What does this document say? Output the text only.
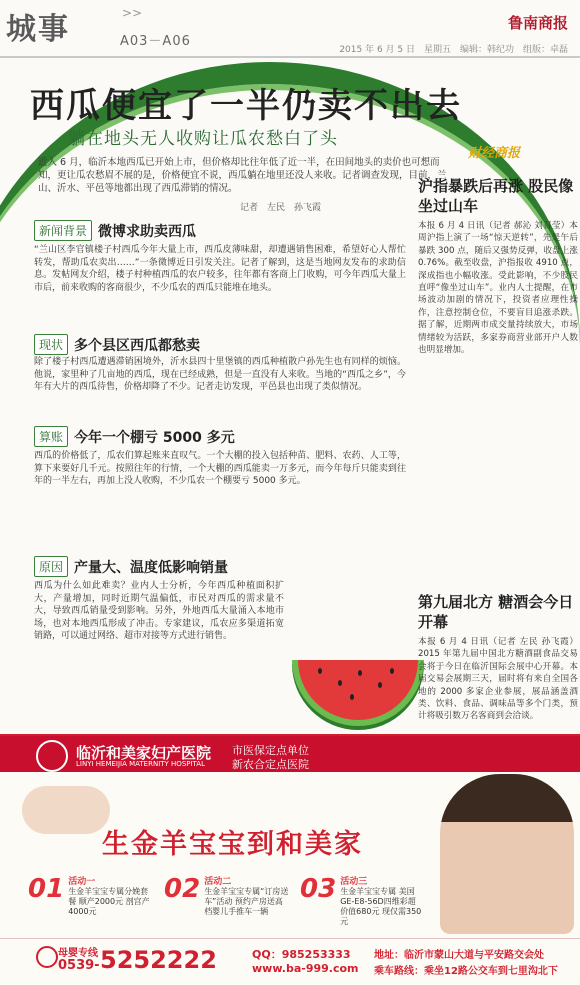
城事	>>
A03－A06
鲁南商报
2015 年 6 月 5 日　星期五　编辑：韩纪功　组版：卓磊
西瓜便宜了一半仍卖不出去
躺在地头无人收购让瓜农愁白了头
财经商报
近入 6 月，临沂本地西瓜已开始上市，但价格却比往年低了近一半，在田间地头的卖价也可想而知，更让瓜农愁眉不展的是，价格便宜不说，西瓜躺在地里还没人来收。记者调查发现，目前，兰山、沂水、平邑等地都出现了西瓜滞销的情况。
记者　左民　孙飞霞
新闻背景 微博求助卖西瓜
“兰山区李官镇楼子村西瓜今年大量上市，西瓜皮薄味甜，却遭遇销售困难，希望好心人帮忙转发，帮助瓜农卖出……”一条微博近日引发关注。记者了解到，这是当地网友发布的求助信息。发帖网友介绍，楼子村种植西瓜的农户较多，往年都有客商上门收购，可今年西瓜大量上市后，前来收购的客商很少，不少瓜农的西瓜只能堆在地头。
现状 多个县区西瓜都愁卖
除了楼子村西瓜遭遇滞销困境外，沂水县四十里堡镇的西瓜种植散户孙先生也有同样的烦恼。他说，家里种了几亩地的西瓜，现在已经成熟，但是一直没有人来收。当地的“西瓜之乡”，今年有大片的西瓜待售，价格却降了不少。记者走访发现，平邑县也出现了类似情况。
算账 今年一个棚亏 5000 多元
西瓜的价格低了，瓜农们算起账来直叹气。一个大棚的投入包括种苗、肥料、农药、人工等，算下来要好几千元。按照往年的行情，一个大棚的西瓜能卖一万多元，而今年每斤只能卖到往年的一半左右，再加上没人收购，不少瓜农一个棚要亏 5000 多元。
原因 产量大、温度低影响销量
西瓜为什么如此难卖？业内人士分析，今年西瓜种植面积扩大，产量增加，同时近期气温偏低，市民对西瓜的需求量不大，导致西瓜销量受到影响。另外，外地西瓜大量涌入本地市场，也对本地西瓜形成了冲击。专家建议，瓜农应多渠道拓宽销路，可以通过网络、超市对接等方式进行销售。
沪指暴跌后再涨 股民像坐过山车
本报 6 月 4 日讯（记者 郝沁 刘召莹）本周沪指上演了一场“惊天逆转”，先是午后暴跌 300 点，随后又强势反弹，收盘上涨 0.76%。截至收盘，沪指报收 4910 点，深成指也小幅收涨。受此影响，不少股民直呼“像坐过山车”。业内人士提醒，在市场波动加剧的情况下，投资者应理性操作，注意控制仓位，不要盲目追涨杀跌。据了解，近期两市成交量持续放大，市场情绪较为活跃，多家券商营业部开户人数也明显增加。
第九届北方 糖酒会今日开幕
本报 6 月 4 日讯（记者 左民 孙飞霞）2015 年第九届中国北方糖酒副食品交易会将于今日在临沂国际会展中心开幕。本届交易会展期三天，届时将有来自全国各地的 2000 多家企业参展，展品涵盖酒类、饮料、食品、调味品等多个门类，预计将吸引数万名客商到会洽谈。
临沂和美家妇产医院
LINYI HEMEIJIA MATERNITY HOSPITAL
市医保定点单位
新农合定点医院
生金羊宝宝到和美家
01 活动一
生金羊宝宝专属分娩套餐 顺产2000元 剖宫产4000元
02 活动二
生金羊宝宝专属“订房送车”活动 预约产房送高档婴儿手推车一辆
03 活动三
生金羊宝宝专属 美国GE-E8-56D四维彩超 价值680元 现仅需350元
母婴专线
0539- 5252222	QQ：985253333
www.ba-999.com
地址：临沂市蒙山大道与平安路交会处
乘车路线：乘坐12路公交车到七里沟北下
